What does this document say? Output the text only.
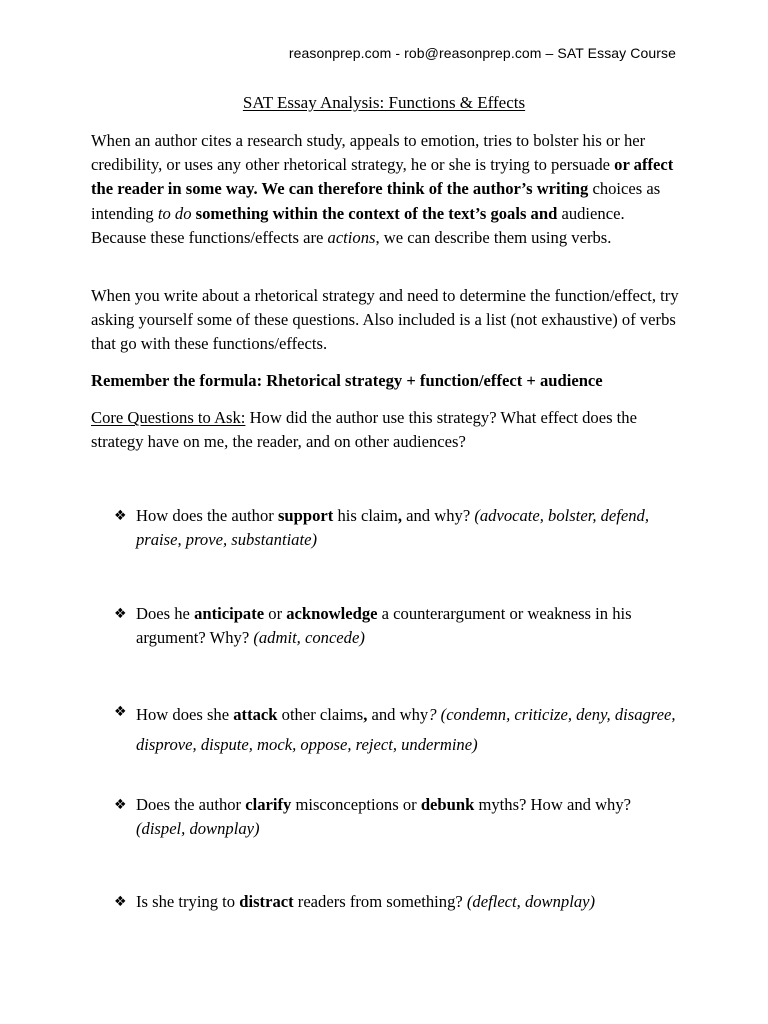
reasonprep.com - rob@reasonprep.com – SAT Essay Course
SAT Essay Analysis: Functions & Effects
When an author cites a research study, appeals to emotion, tries to bolster his or her credibility, or uses any other rhetorical strategy, he or she is trying to persuade or affect the reader in some way. We can therefore think of the author’s writing choices as intending to do something within the context of the text’s goals and audience. Because these functions/effects are actions, we can describe them using verbs.
When you write about a rhetorical strategy and need to determine the function/effect, try asking yourself some of these questions. Also included is a list (not exhaustive) of verbs that go with these functions/effects.
Remember the formula: Rhetorical strategy + function/effect + audience
Core Questions to Ask: How did the author use this strategy? What effect does the strategy have on me, the reader, and on other audiences?
❖ How does the author support his claim, and why? (advocate, bolster, defend, praise, prove, substantiate)
❖ Does he anticipate or acknowledge a counterargument or weakness in his argument? Why? (admit, concede)
❖ How does she attack other claims, and why? (condemn, criticize, deny, disagree, disprove, dispute, mock, oppose, reject, undermine)
❖ Does the author clarify misconceptions or debunk myths? How and why? (dispel, downplay)
❖ Is she trying to distract readers from something? (deflect, downplay)
